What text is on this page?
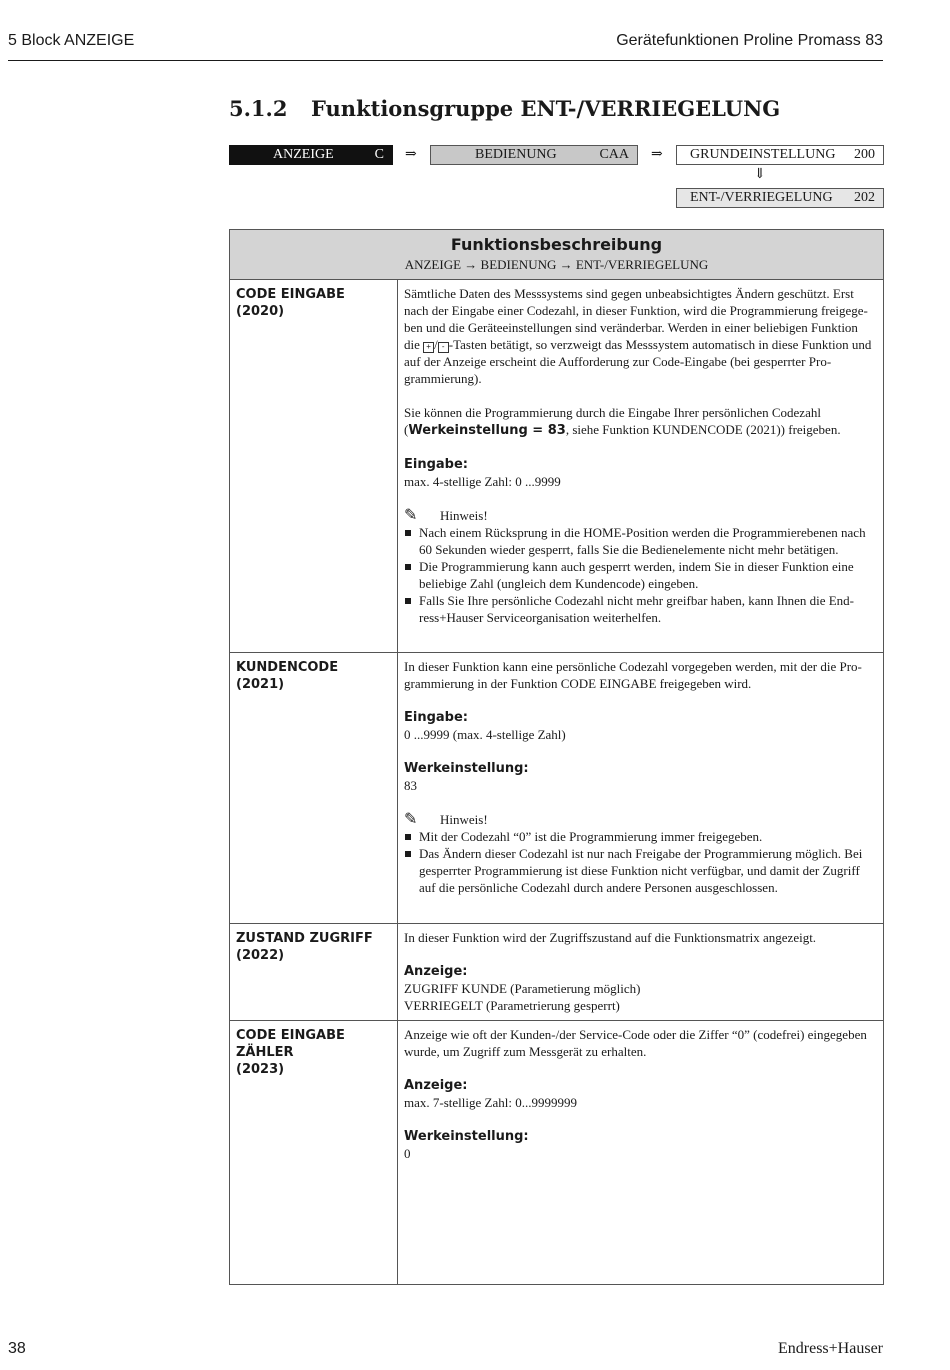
5 Block ANZEIGE	Gerätefunktionen Proline Promass 83
5.1.2 Funktionsgruppe ENT-/VERRIEGELUNG
ANZEIGE	C ⇒	BEDIENUNG	CAA ⇒ GRUNDEINSTELLUNG 200
⇓
ENT-/VERRIEGELUNG 202
Funktionsbeschreibung
ANZEIGE → BEDIENUNG → ENT-/VERRIEGELUNG
CODE EINGABE
(2020)

Sämtliche Daten des Messsystems sind gegen unbeabsichtigtes Ändern geschützt. Erst nach der Eingabe einer Codezahl, in dieser Funktion, wird die Programmierung freigege-ben und die Geräteeinstellungen sind veränderbar. Werden in einer beliebigen Funktion die + / - -Tasten betätigt, so verzweigt das Messsystem automatisch in diese Funktion und auf der Anzeige erscheint die Aufforderung zur Code-Eingabe (bei gesperrter Pro-grammierung).

Sie können die Programmierung durch die Eingabe Ihrer persönlichen Codezahl (Werkeinstellung = 83, siehe Funktion KUNDENCODE (2021)) freigeben.

Eingabe:

max. 4-stellige Zahl: 0 ...9999

✎ Hinweis!

Nach einem Rücksprung in die HOME-Position werden die Programmierebenen nach 60 Sekunden wieder gesperrt, falls Sie die Bedienelemente nicht mehr betätigen.
Die Programmierung kann auch gesperrt werden, indem Sie in dieser Funktion eine beliebige Zahl (ungleich dem Kundencode) eingeben.
Falls Sie Ihre persönliche Codezahl nicht mehr greifbar haben, kann Ihnen die End-ress+Hauser Serviceorganisation weiterhelfen.
KUNDENCODE
(2021)

In dieser Funktion kann eine persönliche Codezahl vorgegeben werden, mit der die Pro-grammierung in der Funktion CODE EINGABE freigegeben wird.

Eingabe:

0 ...9999 (max. 4-stellige Zahl)

Werkeinstellung:

83

✎ Hinweis!

Mit der Codezahl “0” ist die Programmierung immer freigegeben.
Das Ändern dieser Codezahl ist nur nach Freigabe der Programmierung möglich. Bei gesperrter Programmierung ist diese Funktion nicht verfügbar, und damit der Zugriff auf die persönliche Codezahl durch andere Personen ausgeschlossen.
ZUSTAND ZUGRIFF
(2022)

In dieser Funktion wird der Zugriffszustand auf die Funktionsmatrix angezeigt.

Anzeige:
ZUGRIFF KUNDE (Parametierung möglich)
VERRIEGELT (Parametrierung gesperrt)
CODE EINGABE ZÄHLER
(2023)

Anzeige wie oft der Kunden-/der Service-Code oder die Ziffer “0” (codefrei) eingegeben wurde, um Zugriff zum Messgerät zu erhalten.

Anzeige:

max. 7-stellige Zahl: 0...9999999

Werkeinstellung:
0
38	Endress+Hauser
